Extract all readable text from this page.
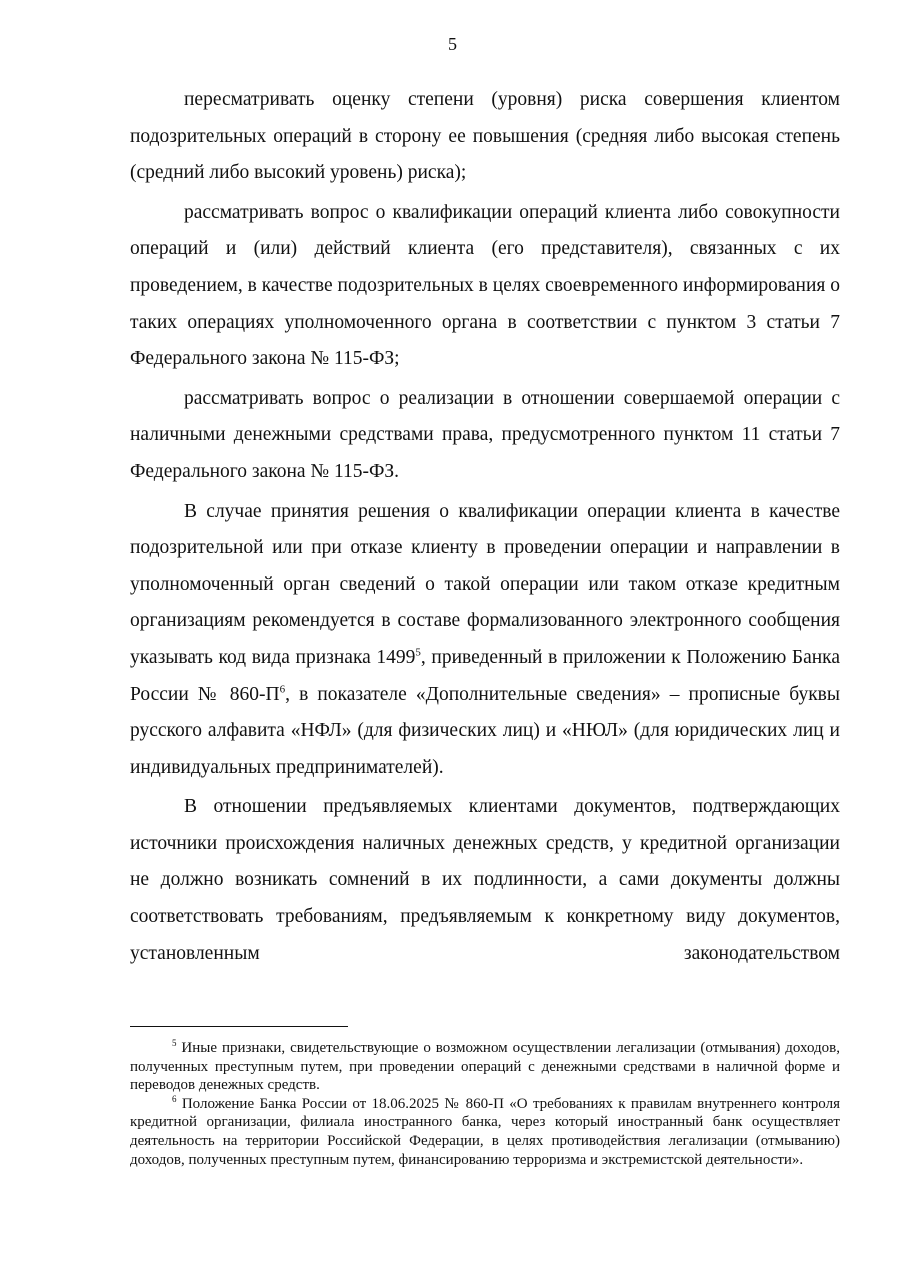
5

пересматривать оценку степени (уровня) риска совершения клиентом подозрительных операций в сторону ее повышения (средняя либо высокая степень (средний либо высокий уровень) риска);

рассматривать вопрос о квалификации операций клиента либо совокупности операций и (или) действий клиента (его представителя), связанных с их проведением, в качестве подозрительных в целях своевременного информирования о таких операциях уполномоченного органа в соответствии с пунктом 3 статьи 7 Федерального закона № 115-ФЗ;

рассматривать вопрос о реализации в отношении совершаемой операции с наличными денежными средствами права, предусмотренного пунктом 11 статьи 7 Федерального закона № 115-ФЗ.

В случае принятия решения о квалификации операции клиента в качестве подозрительной или при отказе клиенту в проведении операции и направлении в уполномоченный орган сведений о такой операции или таком отказе кредитным организациям рекомендуется в составе формализованного электронного сообщения указывать код вида признака 1499$^5$, приведенный в приложении к Положению Банка России № $860-П^6$, в показателе «Дополнительные сведения» – прописные буквы русского алфавита «НФЛ» (для физических лиц) и «НЮЛ» (для юридических лиц и индивидуальных предпринимателей).

В отношении предъявляемых клиентами документов, подтверждающих источники происхождения наличных денежных средств, у кредитной организации не должно возникать сомнений в их подлинности, а сами документы должны соответствовать требованиям, предъявляемым к конкретному виду документов, установленным законодательством

$^5$ Иные признаки, свидетельствующие о возможном осуществлении легализации (отмывания) доходов, полученных преступным путем, при проведении операций с денежными средствами в наличной форме и переводов денежных средств.

$^6$ Положение Банка России от 18.06.2025 № 860-П «О требованиях к правилам внутреннего контроля кредитной организации, филиала иностранного банка, через который иностранный банк осуществляет деятельность на территории Российской Федерации, в целях противодействия легализации (отмыванию) доходов, полученных преступным путем, финансированию терроризма и экстремистской деятельности».
